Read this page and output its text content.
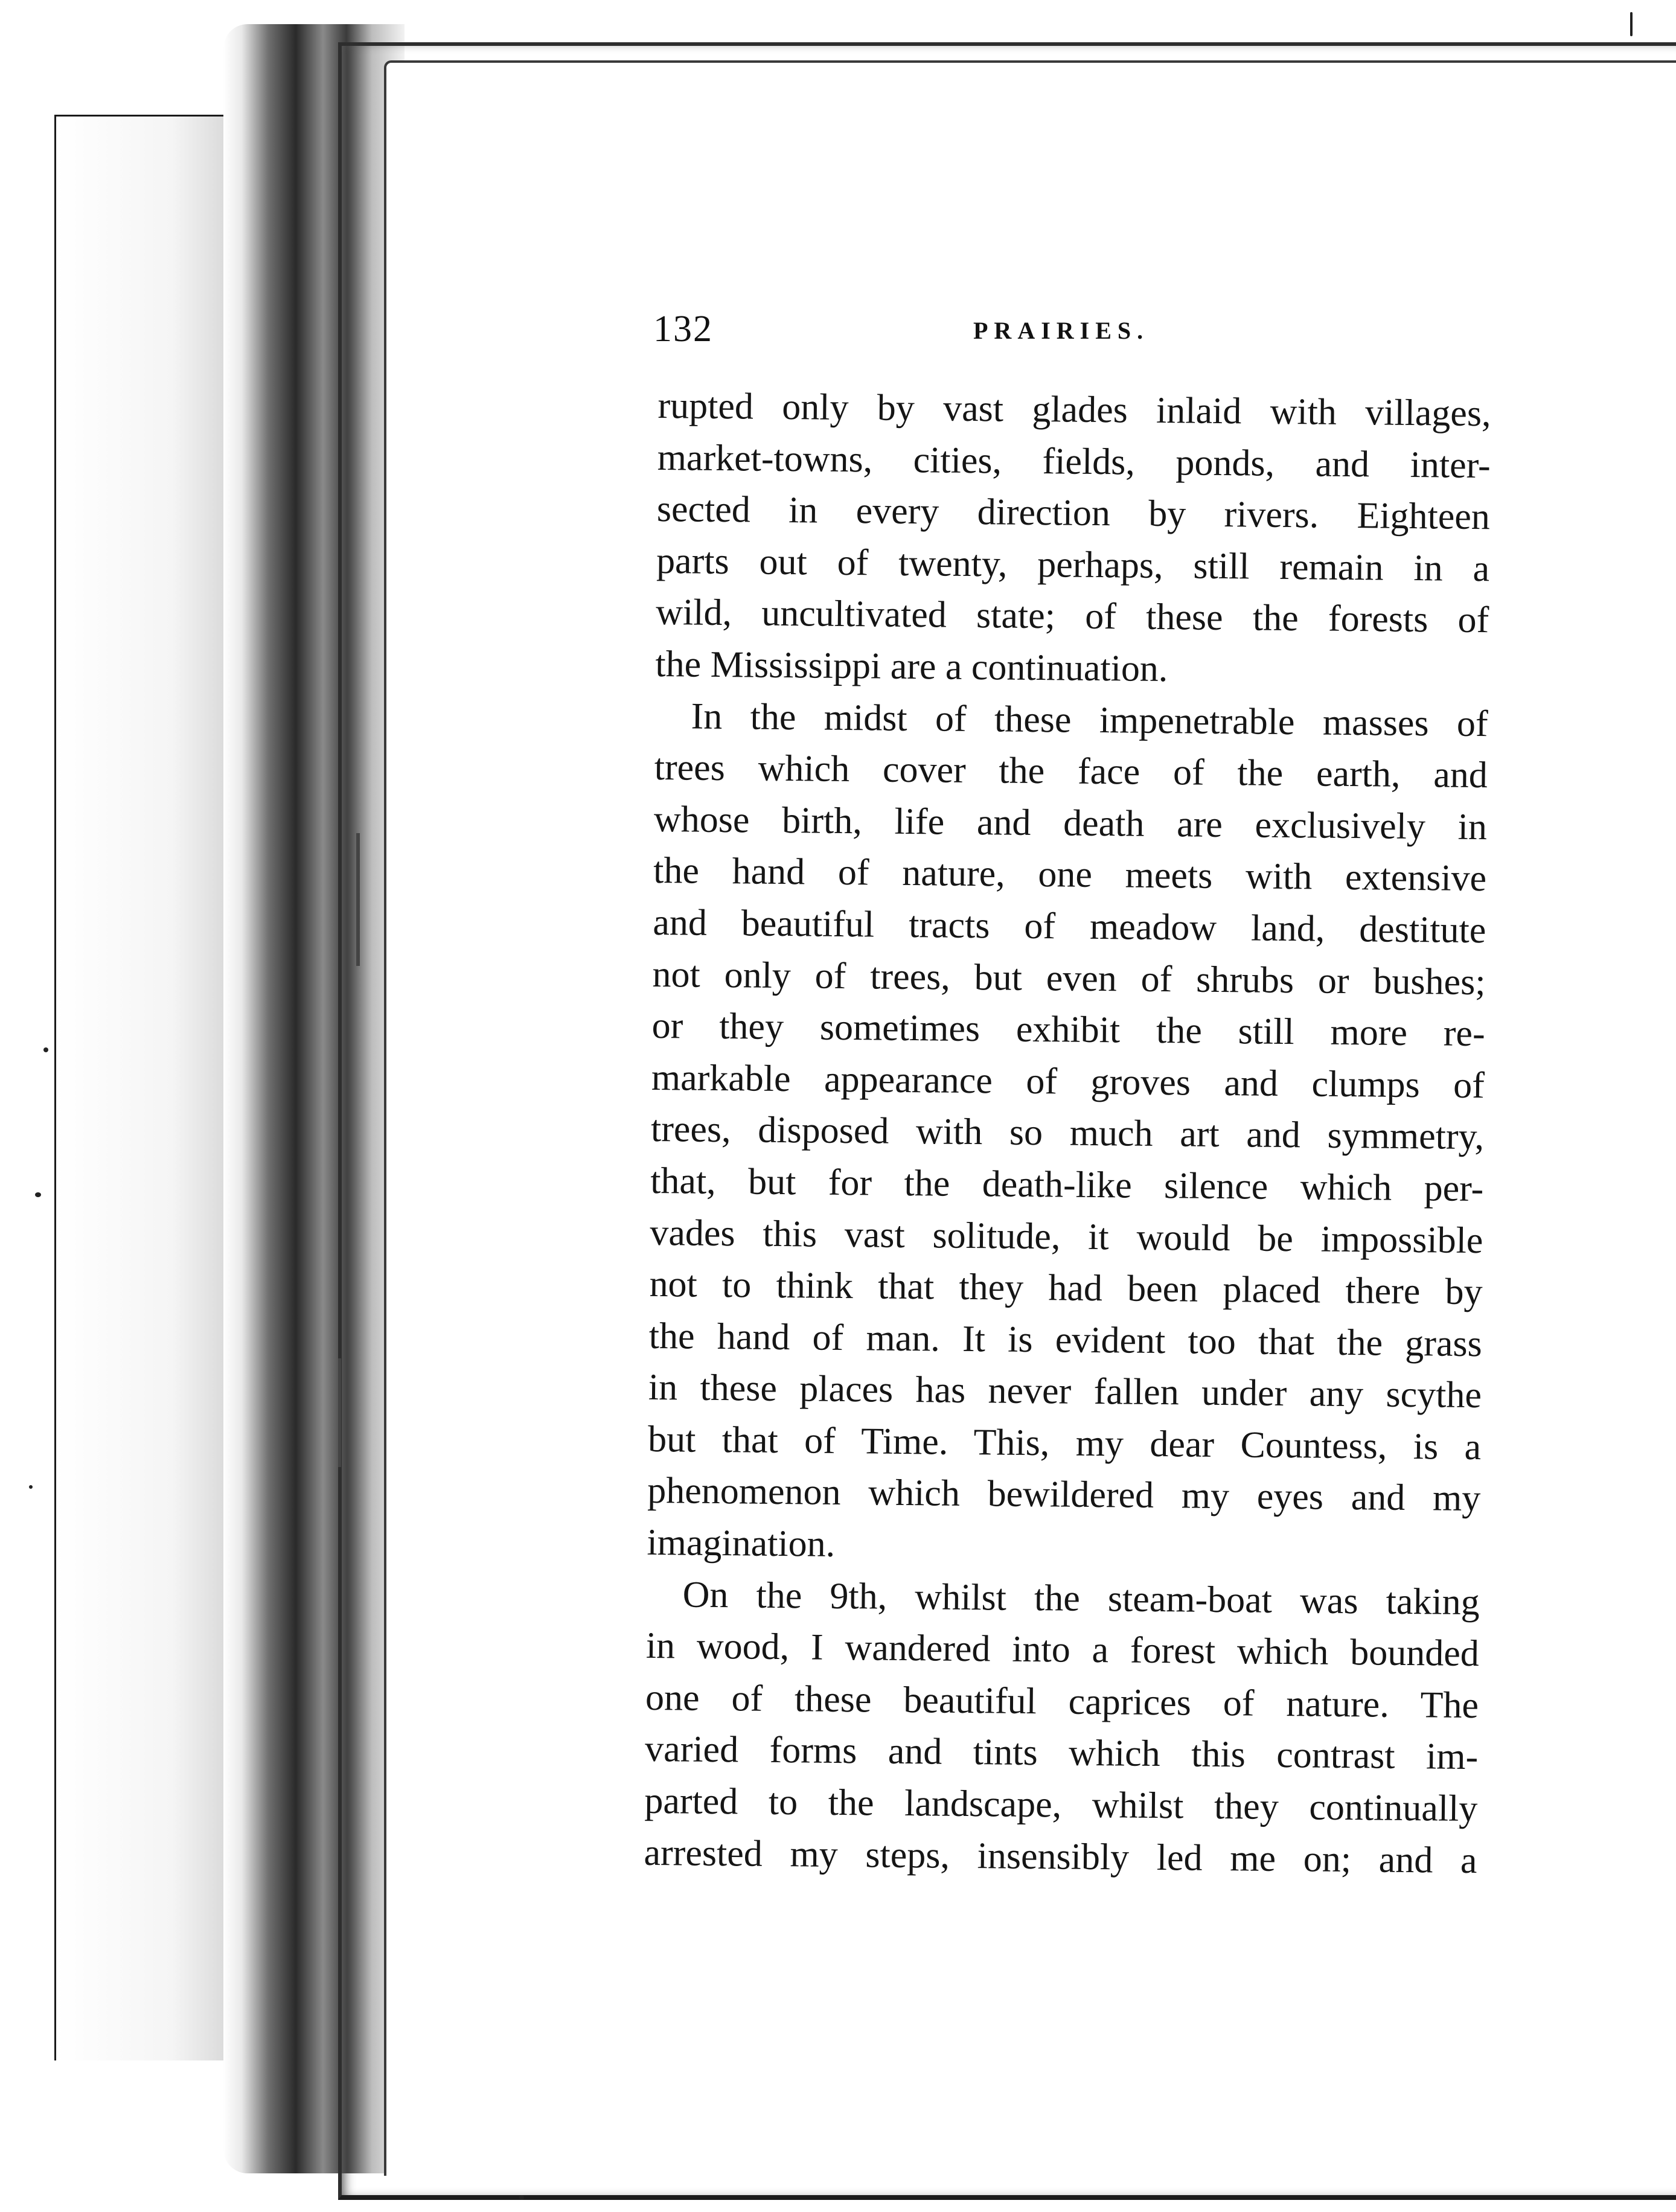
132	PRAIRIES.
rupted only by vast glades inlaid with villages,
market-towns, cities, fields, ponds, and inter-
sected in every direction by rivers. Eighteen
parts out of twenty, perhaps, still remain in a
wild, uncultivated state; of these the forests of
the Mississippi are a continuation.
In the midst of these impenetrable masses of
trees which cover the face of the earth, and
whose birth, life and death are exclusively in
the hand of nature, one meets with extensive
and beautiful tracts of meadow land, destitute
not only of trees, but even of shrubs or bushes;
or they sometimes exhibit the still more re-
markable appearance of groves and clumps of
trees, disposed with so much art and symmetry,
that, but for the death-like silence which per-
vades this vast solitude, it would be impossible
not to think that they had been placed there by
the hand of man. It is evident too that the grass
in these places has never fallen under any scythe
but that of Time. This, my dear Countess, is a
phenomenon which bewildered my eyes and my
imagination.
On the 9th, whilst the steam-boat was taking
in wood, I wandered into a forest which bounded
one of these beautiful caprices of nature. The
varied forms and tints which this contrast im-
parted to the landscape, whilst they continually
arrested my steps, insensibly led me on; and a
